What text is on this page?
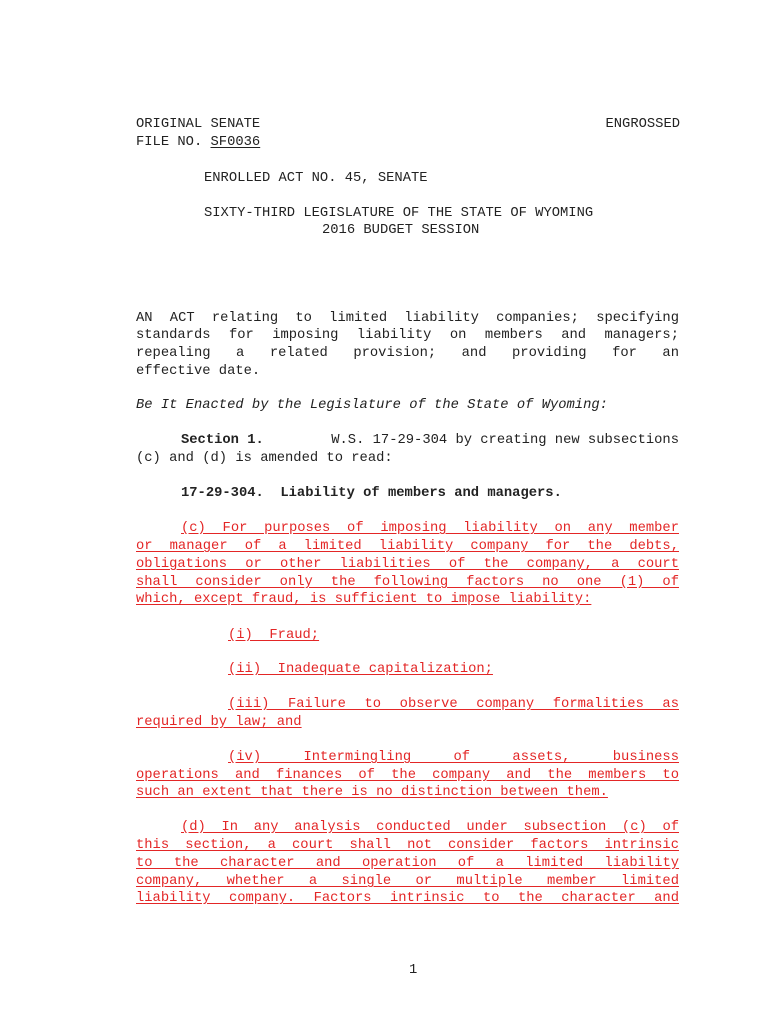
ORIGINAL SENATE
FILE NO. SF0036
ENGROSSED
ENROLLED ACT NO. 45, SENATE
SIXTY-THIRD LEGISLATURE OF THE STATE OF WYOMING
2016 BUDGET SESSION
AN ACT relating to limited liability companies; specifying
standards for imposing liability on members and managers;
repealing a related provision; and providing for an
effective date.
Be It Enacted by the Legislature of the State of Wyoming:
Section 1.	W.S. 17-29-304 by creating new subsections
(c) and (d) is amended to read:
17-29-304.  Liability of members and managers.
(c) For purposes of imposing liability on any member
or manager of a limited liability company for the debts,
obligations or other liabilities of the company, a court
shall consider only the following factors no one (1) of
which, except fraud, is sufficient to impose liability:
(i)  Fraud;
(ii)  Inadequate capitalization;
(iii) Failure to observe company formalities as
required by law; and
(iv) Intermingling of assets, business
operations and finances of the company and the members to
such an extent that there is no distinction between them.
(d) In any analysis conducted under subsection (c) of
this section, a court shall not consider factors intrinsic
to the character and operation of a limited liability
company, whether a single or multiple member limited
liability company. Factors intrinsic to the character and
1
